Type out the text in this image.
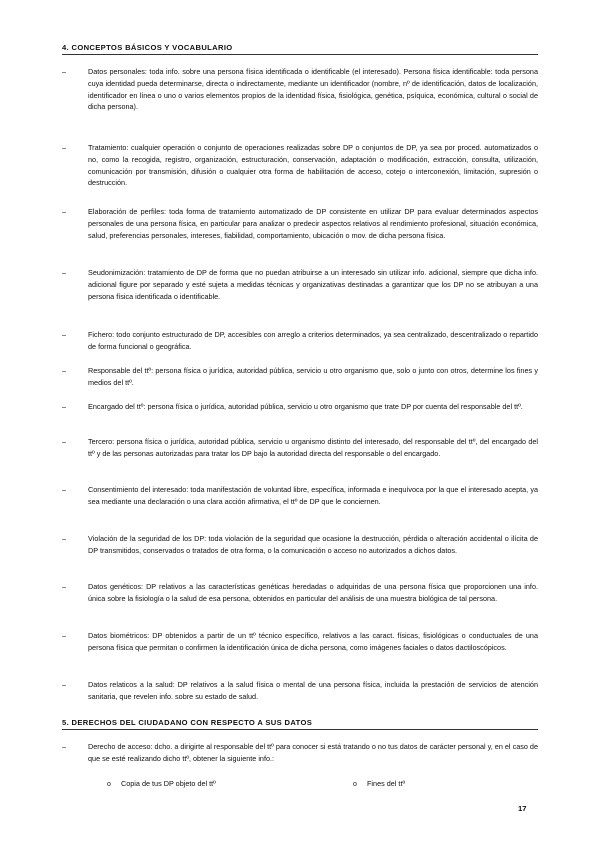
4. CONCEPTOS BÁSICOS Y VOCABULARIO
–	Datos personales: toda info. sobre una persona física identificada o identificable (el interesado). Persona física identificable: toda persona cuya identidad pueda determinarse, directa o indirectamente, mediante un identificador (nombre, nº de identificación, datos de localización, identificador en línea o uno o varios elementos propios de la identidad física, fisiológica, genética, psíquica, económica, cultural o social de dicha persona).
–	Tratamiento: cualquier operación o conjunto de operaciones realizadas sobre DP o conjuntos de DP, ya sea por proced. automatizados o no, como la recogida, registro, organización, estructuración, conservación, adaptación o modificación, extracción, consulta, utilización, comunicación por transmisión, difusión o cualquier otra forma de habilitación de acceso, cotejo o interconexión, limitación, supresión o destrucción.
–	Elaboración de perfiles: toda forma de tratamiento automatizado de DP consistente en utilizar DP para evaluar determinados aspectos personales de una persona física, en particular para analizar o predecir aspectos relativos al rendimiento profesional, situación económica, salud, preferencias personales, intereses, fiabilidad, comportamiento, ubicación o mov. de dicha persona física.
–	Seudonimización: tratamiento de DP de forma que no puedan atribuirse a un interesado sin utilizar info. adicional, siempre que dicha info. adicional figure por separado y esté sujeta a medidas técnicas y organizativas destinadas a garantizar que los DP no se atribuyan a una persona física identificada o identificable.
–	Fichero: todo conjunto estructurado de DP, accesibles con arreglo a criterios determinados, ya sea centralizado, descentralizado o repartido de forma funcional o geográfica.
–	Responsable del ttº: persona física o jurídica, autoridad pública, servicio u otro organismo que, solo o junto con otros, determine los fines y medios del ttº.
–	Encargado del ttº: persona física o jurídica, autoridad pública, servicio u otro organismo que trate DP por cuenta del responsable del ttº.
–	Tercero: persona física o jurídica, autoridad pública, servicio u organismo distinto del interesado, del responsable del ttº, del encargado del ttº y de las personas autorizadas para tratar los DP bajo la autoridad directa del responsable o del encargado.
–	Consentimiento del interesado: toda manifestación de voluntad libre, específica, informada e inequívoca por la que el interesado acepta, ya sea mediante una declaración o una clara acción afirmativa, el ttº de DP que le conciernen.
–	Violación de la seguridad de los DP: toda violación de la seguridad que ocasione la destrucción, pérdida o alteración accidental o ilícita de DP transmitidos, conservados o tratados de otra forma, o la comunicación o acceso no autorizados a dichos datos.
–	Datos genéticos: DP relativos a las características genéticas heredadas o adquiridas de una persona física que proporcionen una info. única sobre la fisiología o la salud de esa persona, obtenidos en particular del análisis de una muestra biológica de tal persona.
–	Datos biométricos: DP obtenidos a partir de un ttº técnico específico, relativos a las caract. físicas, fisiológicas o conductuales de una persona física que permitan o confirmen la identificación única de dicha persona, como imágenes faciales o datos dactiloscópicos.
–	Datos relaticos a la salud: DP relativos a la salud física o mental de una persona física, incluida la prestación de servicios de atención sanitaria, que revelen info. sobre su estado de salud.
5. DERECHOS DEL CIUDADANO CON RESPECTO A SUS DATOS
–	Derecho de acceso: dcho. a dirigirte al responsable del ttº para conocer si está tratando o no tus datos de carácter personal y, en el caso de que se esté realizando dicho ttº, obtener la siguiente info.:
o Copia de tus DP objeto del ttº	o Fines del ttº
17
